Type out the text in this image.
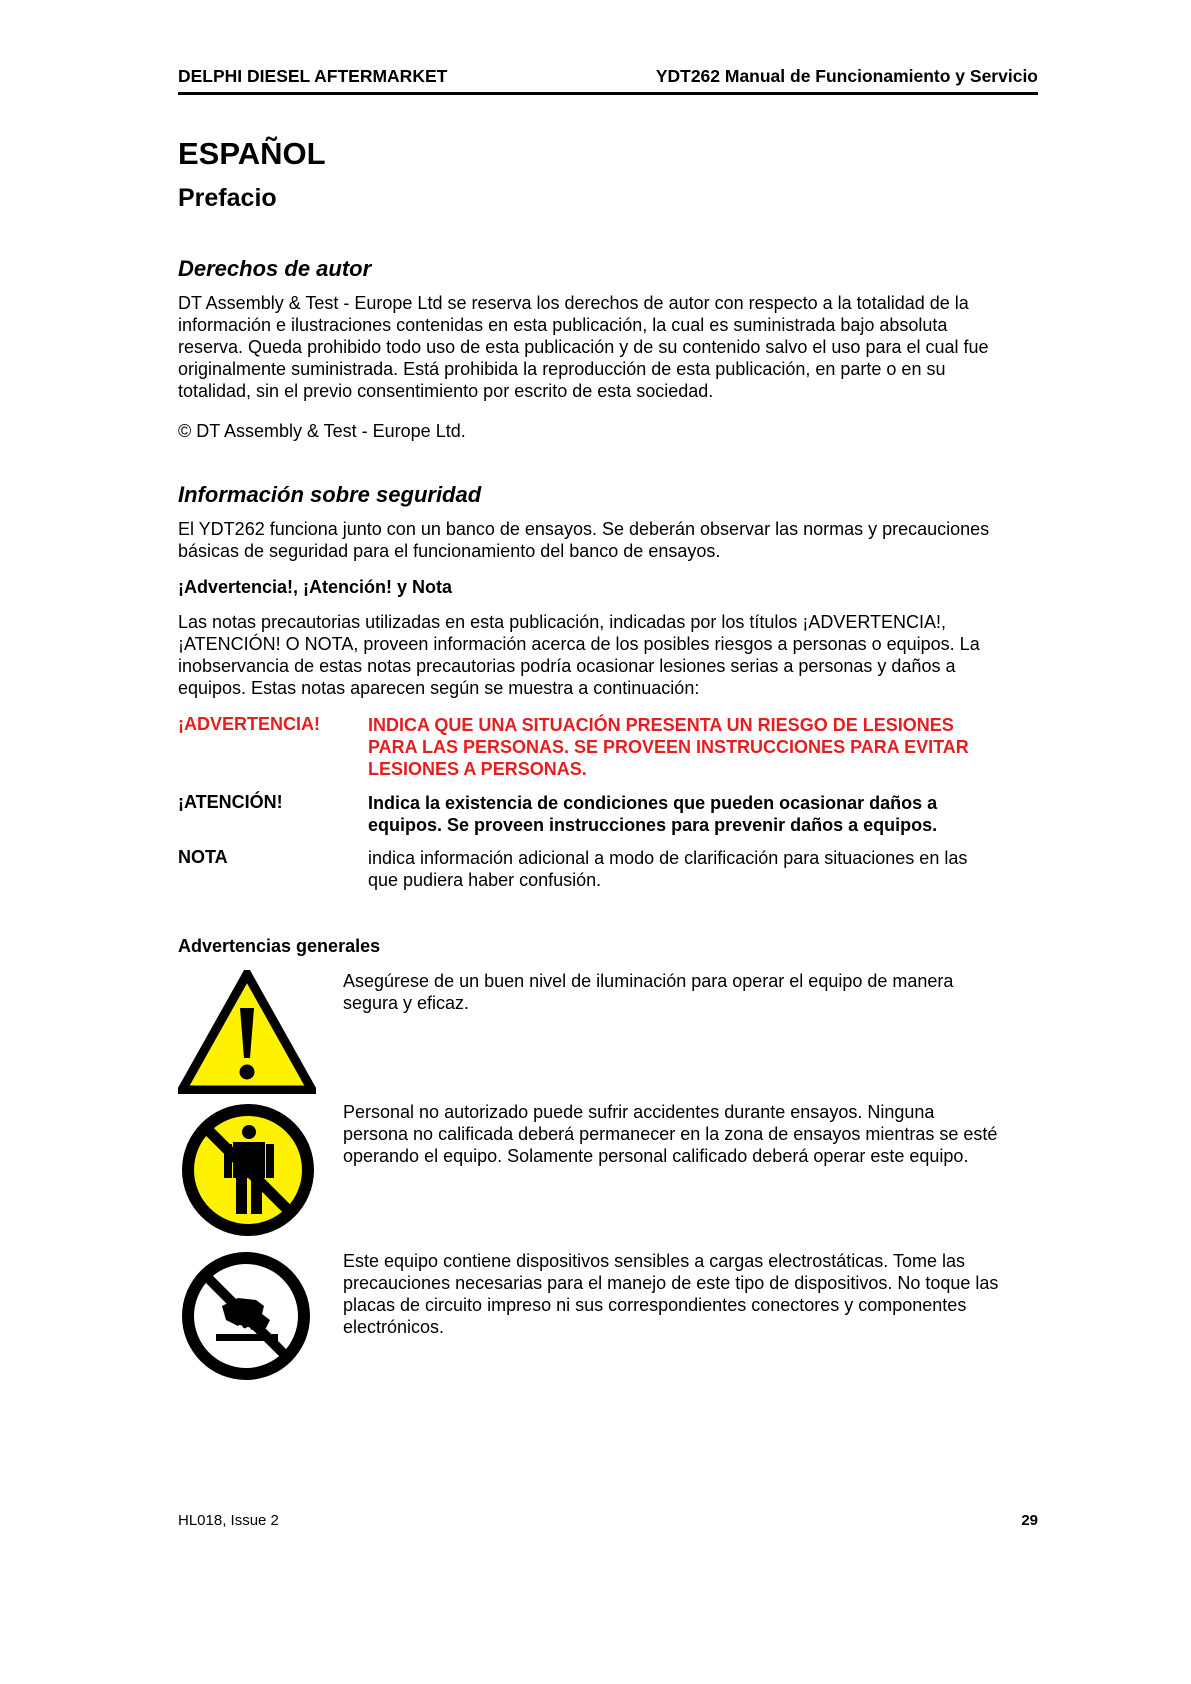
DELPHI DIESEL AFTERMARKET	YDT262 Manual de Funcionamiento y Servicio
ESPAÑOL
Prefacio
Derechos de autor
DT Assembly & Test - Europe Ltd se reserva los derechos de autor con respecto a la totalidad de la
información e ilustraciones contenidas en esta publicación, la cual es suministrada bajo absoluta
reserva. Queda prohibido todo uso de esta publicación y de su contenido salvo el uso para el cual fue
originalmente suministrada. Está prohibida la reproducción de esta publicación, en parte o en su
totalidad, sin el previo consentimiento por escrito de esta sociedad.
© DT Assembly & Test - Europe Ltd.
Información sobre seguridad
El YDT262 funciona junto con un banco de ensayos. Se deberán observar las normas y precauciones
básicas de seguridad para el funcionamiento del banco de ensayos.
¡Advertencia!, ¡Atención! y Nota
Las notas precautorias utilizadas en esta publicación, indicadas por los títulos ¡ADVERTENCIA!,
¡ATENCIÓN! O NOTA, proveen información acerca de los posibles riesgos a personas o equipos. La
inobservancia de estas notas precautorias podría ocasionar lesiones serias a personas y daños a
equipos. Estas notas aparecen según se muestra a continuación:
¡ADVERTENCIA!	INDICA QUE UNA SITUACIÓN PRESENTA UN RIESGO DE LESIONES
PARA LAS PERSONAS. SE PROVEEN INSTRUCCIONES PARA EVITAR
LESIONES A PERSONAS.
¡ATENCIÓN!	Indica la existencia de condiciones que pueden ocasionar daños a
equipos. Se proveen instrucciones para prevenir daños a equipos.
NOTA	indica información adicional a modo de clarificación para situaciones en las
que pudiera haber confusión.
Advertencias generales
Asegúrese de un buen nivel de iluminación para operar el equipo de manera
segura y eficaz.
Personal no autorizado puede sufrir accidentes durante ensayos. Ninguna
persona no calificada deberá permanecer en la zona de ensayos mientras se esté
operando el equipo. Solamente personal calificado deberá operar este equipo.
Este equipo contiene dispositivos sensibles a cargas electrostáticas. Tome las
precauciones necesarias para el manejo de este tipo de dispositivos. No toque las
placas de circuito impreso ni sus correspondientes conectores y componentes
electrónicos.
HL018, Issue 2	29
